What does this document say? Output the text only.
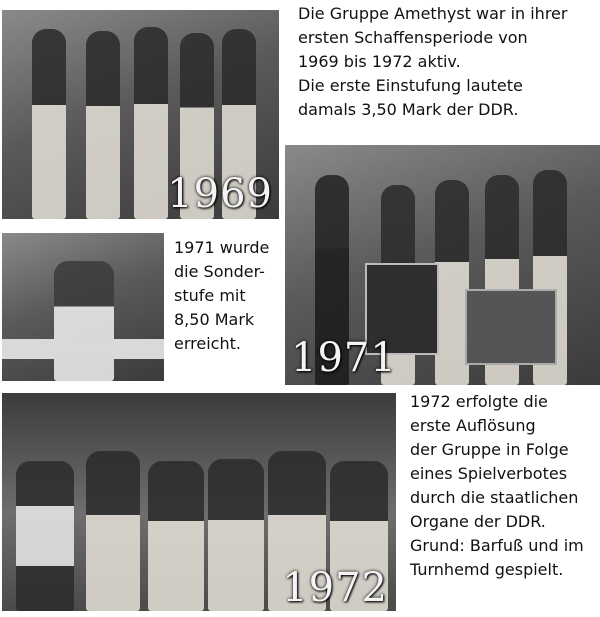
1969
Die Gruppe Amethyst war in ihrer
ersten Schaffensperiode von
1969 bis 1972 aktiv.
Die erste Einstufung lautete
damals 3,50 Mark der DDR.
1971 wurde
die Sonder-
stufe mit
8,50 Mark
erreicht.	1971
1972
1972 erfolgte die
erste Auflösung
der Gruppe in Folge
eines Spielverbotes
durch die staatlichen
Organe der DDR.
Grund: Barfuß und im
Turnhemd gespielt.
